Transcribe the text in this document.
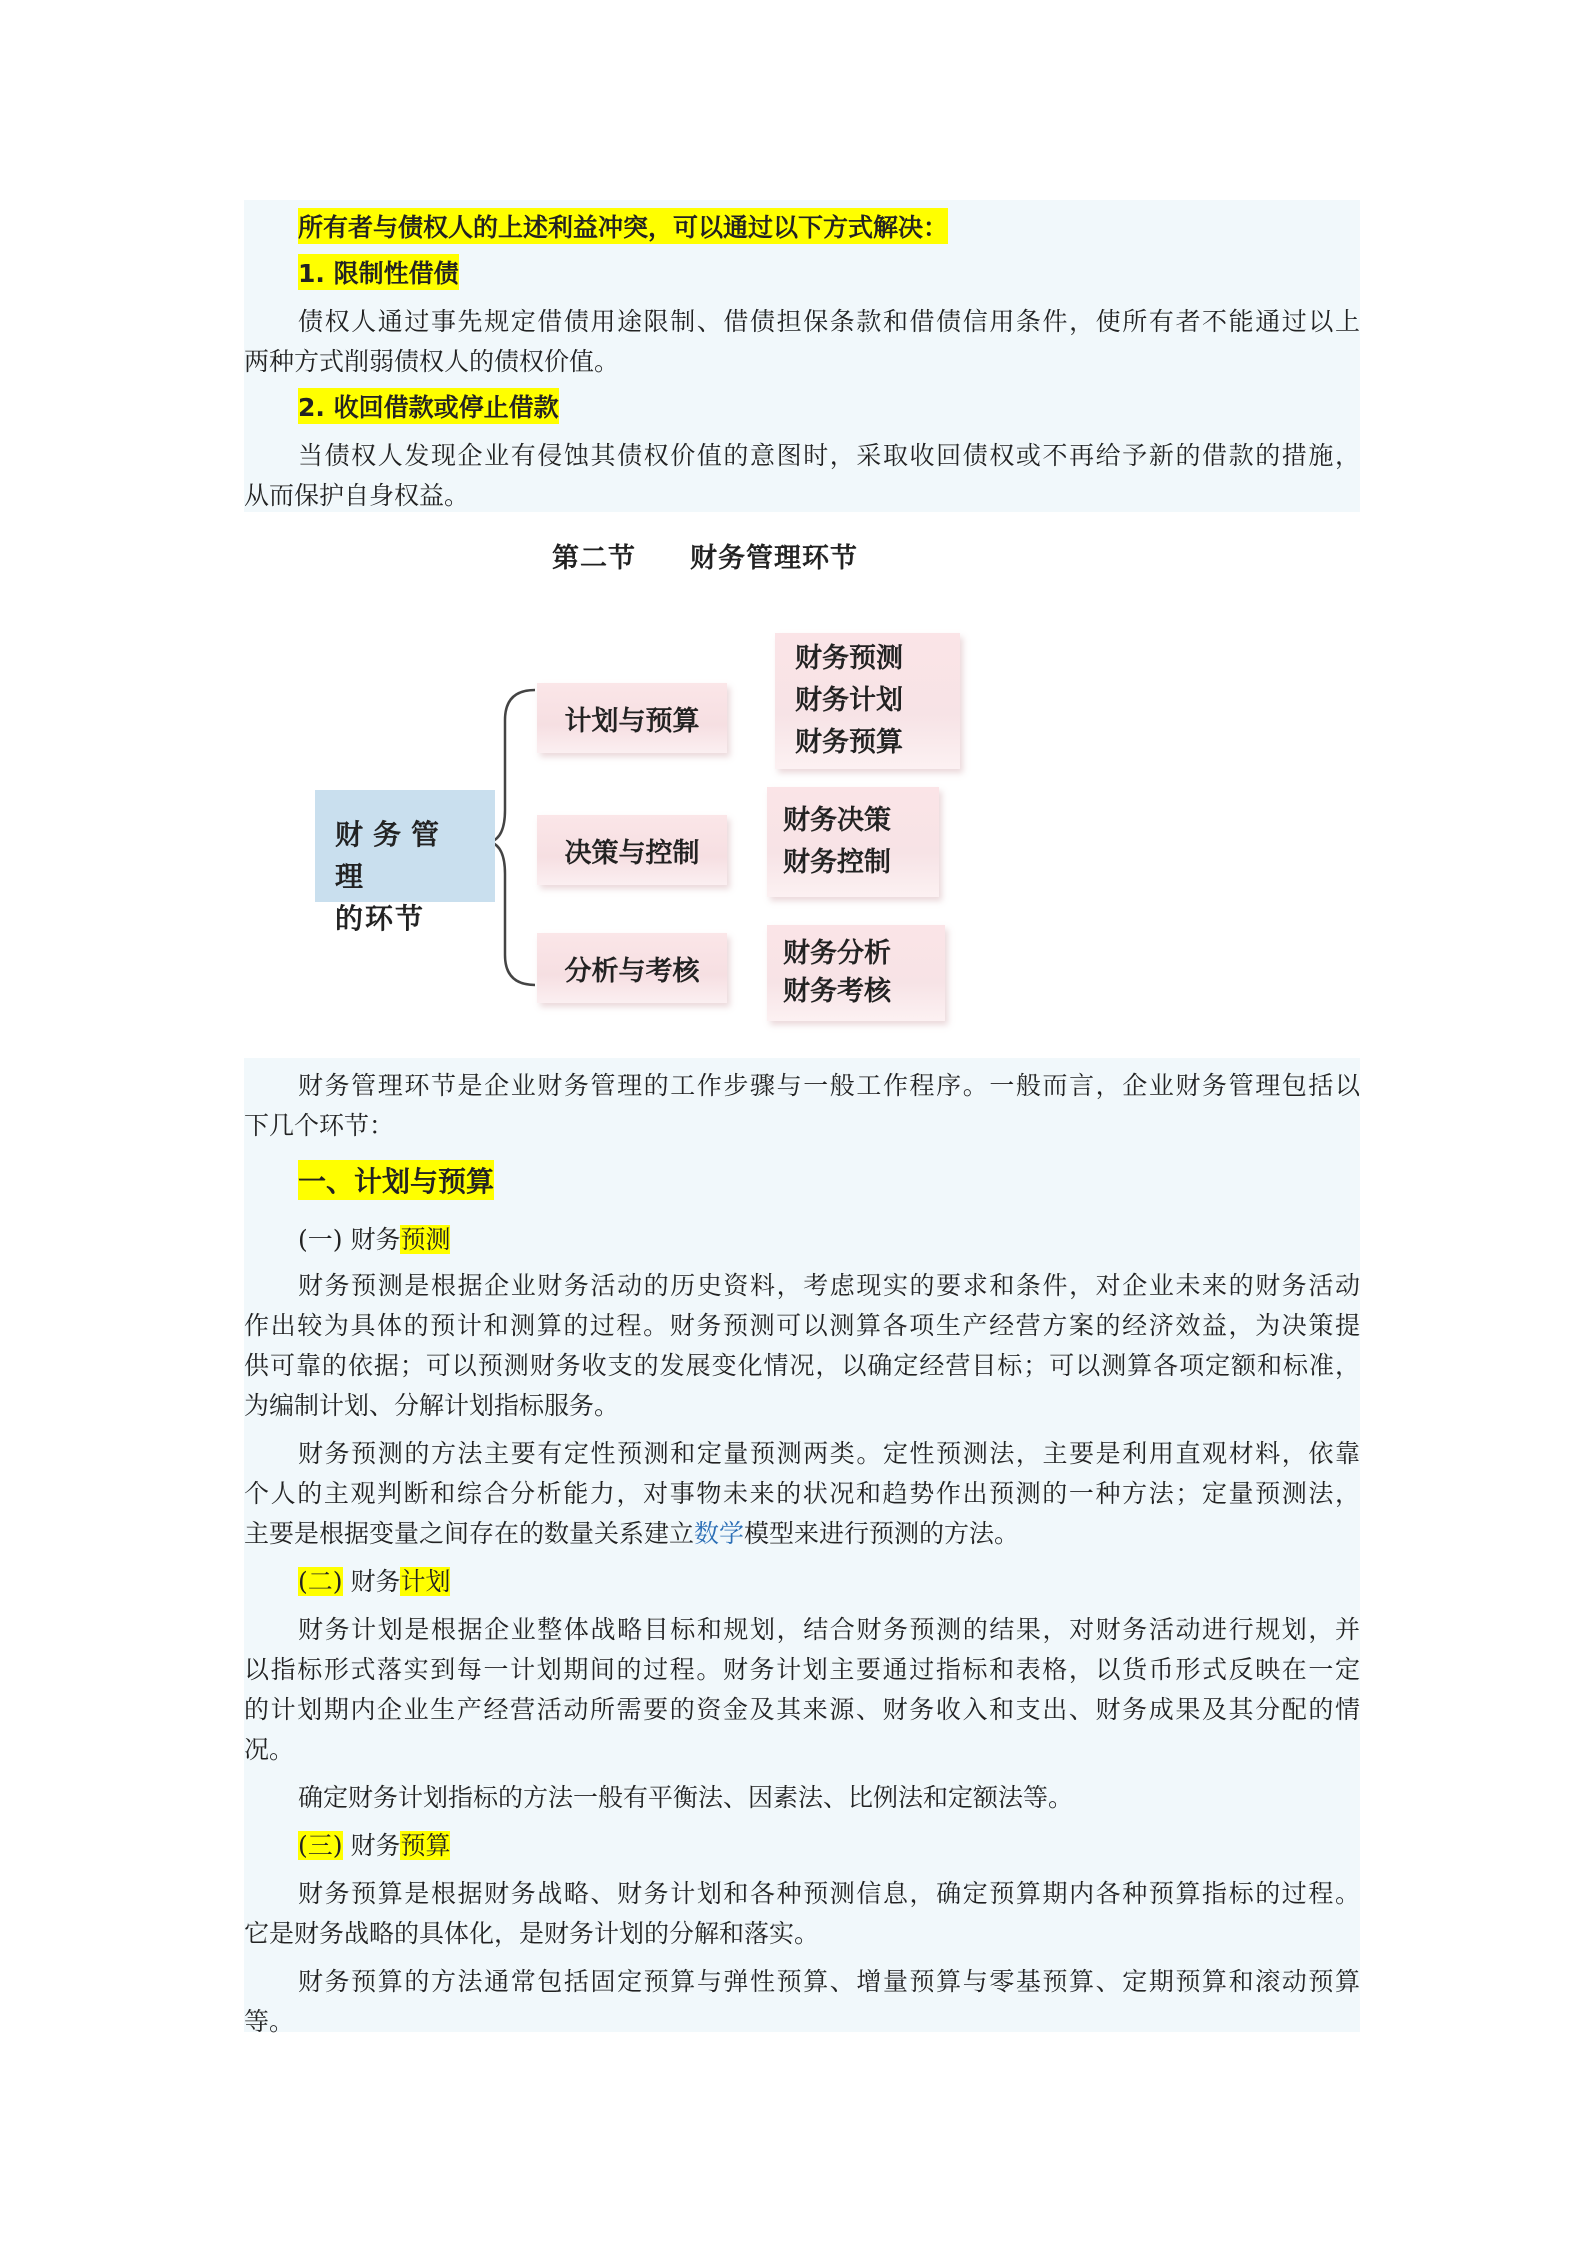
所有者与债权人的上述利益冲突，可以通过以下方式解决：
1. 限制性借债
债权人通过事先规定借债用途限制、借债担保条款和借债信用条件，使所有者不能通过以上
两种方式削弱债权人的债权价值。
2. 收回借款或停止借款
当债权人发现企业有侵蚀其债权价值的意图时，采取收回债权或不再给予新的借款的措施，
从而保护自身权益。
第二节 财务管理环节
财务管理
的环节
计划与预算
决策与控制
分析与考核
财务预测
财务计划
财务预算
财务决策
财务控制
财务分析
财务考核
财务管理环节是企业财务管理的工作步骤与一般工作程序。一般而言，企业财务管理包括以
下几个环节：
一、计划与预算
(一) 财务预测
财务预测是根据企业财务活动的历史资料，考虑现实的要求和条件，对企业未来的财务活动
作出较为具体的预计和测算的过程。财务预测可以测算各项生产经营方案的经济效益，为决策提
供可靠的依据；可以预测财务收支的发展变化情况，以确定经营目标；可以测算各项定额和标准，
为编制计划、分解计划指标服务。
财务预测的方法主要有定性预测和定量预测两类。定性预测法，主要是利用直观材料，依靠
个人的主观判断和综合分析能力，对事物未来的状况和趋势作出预测的一种方法；定量预测法，
主要是根据变量之间存在的数量关系建立数学模型来进行预测的方法。
(二) 财务计划
财务计划是根据企业整体战略目标和规划，结合财务预测的结果，对财务活动进行规划，并
以指标形式落实到每一计划期间的过程。财务计划主要通过指标和表格，以货币形式反映在一定
的计划期内企业生产经营活动所需要的资金及其来源、财务收入和支出、财务成果及其分配的情
况。
确定财务计划指标的方法一般有平衡法、因素法、比例法和定额法等。
(三) 财务预算
财务预算是根据财务战略、财务计划和各种预测信息，确定预算期内各种预算指标的过程。
它是财务战略的具体化，是财务计划的分解和落实。
财务预算的方法通常包括固定预算与弹性预算、增量预算与零基预算、定期预算和滚动预算
等。
